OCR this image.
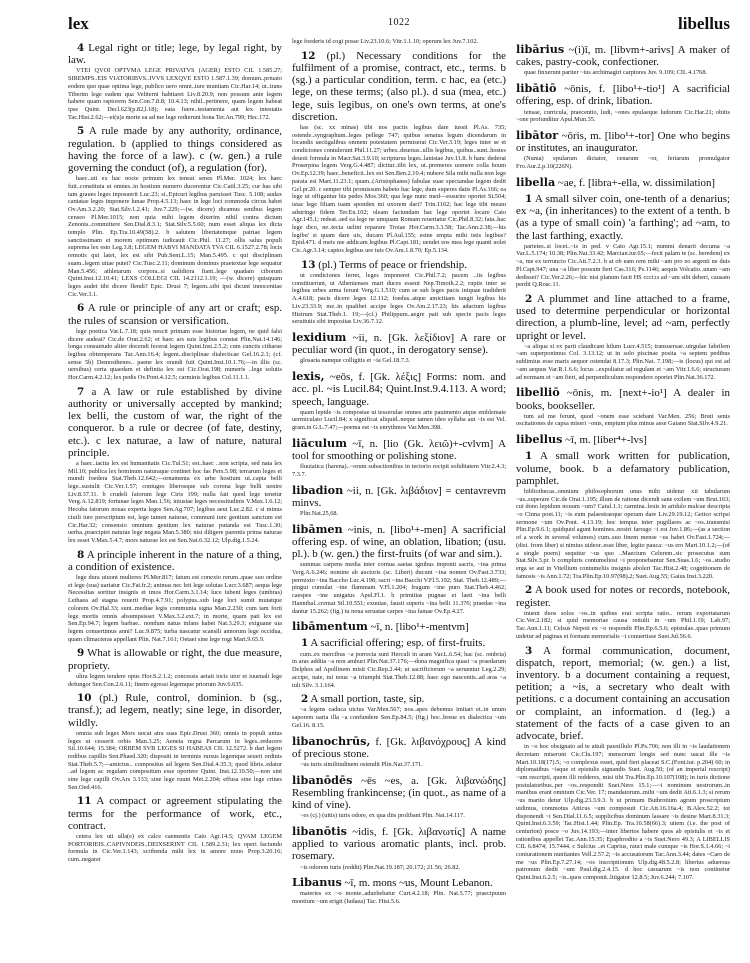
lex	1022	libellus

4 Legal right or title; lege, by legal right, by law.

VTEI QVOI OPTVMA LEGE PRIVATVS (AGER) ESTO CIL 1.585.27; SIREMPS..EIS VIATORIBVS..IVVS LEXQVE ESTO 1.587.1.39; domum..priuato eodem quo quae optima lege, publico uero omni..iure munitam Cic.Har.14; ut..trans Tiberim lege eadem qua Veliterni habitaret Liv.8.20.9; non possum ante legem habere quam raptorem Sen.Con.7.8.8; 10.4.13; nihil..pertinere, quam legem habeat ipse Quint. Decl.623(p.82,l.18); eata fuere..testamenta aut lex intestatis Tac.Hist.2.62;—ei(u)s morte ea ad me lege redierunt bona Ter.An.799; Hec.172.

5 A rule made by any authority, ordinance, regulation. b (applied to things considered as having the force of a law). c (w. gen.) a rule governing the conduct (of), a regulation (for).

haec..uti ex hac nocte primum lex teneat senes Pl.Mer. 1024; lex haec fuit..constituta ut omnes..in hostium numero ducerentur Cic.Catil.3.25; cur has sibi tam graues leges inposuerit Luc.23; si..Epicuri legibus paruisset Tusc. 5.108; audax cantatae leges imponere lunae Prop.4.5.13; haec in lege loci commoda circus habet Ov.Am.3.2.20; Stat.Silv.1.2.41; Juv.7.229;—(w. dicere) dicamus senibus legem censeo Pl.Mer.1015; non quia mihi legem dixerim nihil contra dictum Zenonis..committere Sen.Dial.8.3.1; Stat.Silv.5.5.60; num esset aliqua lex dicta templo Plin. Ep.Tra.10.49(58).2. b salutem libertatemque patriae legem sanctissimam et morem optimum iudicauit Cic.Phil. 11.27; ollis salus populi suprema lex esto Leg.3.8; LEGEM HABVI MANDATA TVA CIL 6.1527.2.78; locis remotis qui latet, lex est sibi Pub.Sent.L.15; Man.5.495. c qui disciplinam suam..legem uitae putet? Cic.Tusc.2.11; dominum dominus praetextae lege sequatur Man.5.456; athletarum corpora..si ualidiora fiant..lege quadam ciborum Quint.Inst.12.10.41; LEXS COLLEGI CIL 14.2112.1.19; —(w. dicere) quisquam leges audet tibi dicere flendi? Epic. Drusi 7; legem..sibi ipsi dicunt innocentiae Cic.Ver.3.1.

6 A rule or principle of any art or craft; esp. the rules of scansion or versification.

lege poetica Var.L.7.18; quis nescit primam esse historiae legem, ne quid falsi dicere audeat? Cic.de Orat.2.62; et haec ars suis legibus constat Plin.Nat.14.146; longa consuetudo aliter docendi fecerat legem Quint.Inst.2.5.2; cum cunctis citharae legibus obtemperans Tac.Ann.16.4; legem..disciplinae dialecticae Gel.16.2.1; (cf. sense 5b) Demosthenes.. paene lex orandi fuit Quint.Inst.10.1.76;—in illis (sc. uersibus) certa quaedam et definita lex est Cic.Orat.198; numeris ..lege solutis Hor.Carm.4.2.12; lex pedis Ov.Pont.4.12.5; carminis legibus Col.11.1.1.

7 a A law or rule established by divine authority or universally accepted by mankind; lex belli, the custom of war, the right of the conqueror. b a rule or decree (of fate, destiny, etc.). c lex naturae, a law of nature, natural principle.

a haec..tacita lex est humanitatis Cic.Tul.51; est..haec ..non scripta, sed nata lex Mil.10; publica lex hominum naturaque continet hoc fas Pers.5.98; terrarum leges et mundi foedera Stat.Theb.12.642;—ornamenta ex urbe hostium ui..capta belli lege..sustulit Cic.Ver.1.57; coniuges liberosque sub corona lege belli uenire Liv.8.37.11. b crudeli fatorum lege Ciris 199; nulla fati quod lege tenetur Verg.A.12.819; fortunae leges Man.1.56; iniustae leges necessitudinis V.Max.1.6.12; Hecuba fatorum nouas experta leges Sen.Ag.707; legibus aeui Luc.2.82. c si minus ciuili iure perscriptum est, lege tamen naturae, communi iure gentium sanctum est Cic.Har.32; consensio omnium gentium lex naturae putanda est Tusc.1.30; uerba..praecipiet naturae lege negata Man.5.380; nisi diligere parentis prima naturae lex esset V.Max.5.4.7; mors naturae lex est Sen.Nat.6.32.12; Ulp.dig.1.5.24.

8 A principle inherent in the nature of a thing, a condition of existence.

lege dura uiuont mulieres Pl.Mer.817; fatum est conexio rerum..quae suo ordine et lege (sua) uariatur Cic.Fat.fr.2; animas nec leti lege solutas Lucr.3.687; aequa lege Necessitas sortitur insignis et imos Hor.Carm.3.1.14; luce iubent leges (umbras) Lethaea ad stagna reuerti Prop.4.7.91; polypus..sub lege loci sumit mutatque colorem Ov.Hal.33; sunt..mediae legis communia signa Man.2.230; cum tam forti lege mortis omnis absumpsisset V.Max.3.2.ext.7; in morte, quam pati lex est Sen.Ep.94.7; legem barbae.. nondum natus infans habet Nat.3.29.3; exiguane uia legem conuertimus anni? Luc.9.875; turba nascatur scansili annorum lege occidua, quam climacteras appellant Plin. Nat.7.161; Oetaei sine lege rogi Mart.9.65.9.

9 What is allowable or right, the due measure, propriety.

ultra legem tendere opus Hor.S.2.1.2; concessis aetati iocis utor et iuuenali lege defungor Sen.Con.2.6.11; finem egressi legemque priorum Juv.6.635.

10 (pl.) Rule, control, dominion. b (sg., transf.); ad legem, neatly; sine lege, in disorder, wildly.

omnia sub leges Mors uocat atra suas Epic.Drusi 360; omnis in populi unius leges ut cesserit orbis Man.3.25; Aeneia regna Parcarum in leges..reducere Sil.10.644; 15.384; ORBEM SVB LEGES SI HABEAS CIL 12.5272. b dari legem redibus capillis Sen.Phaed.320; dispositi in terminis rursus legemque seueri ordinis Stat.Theb.5.7;—amictus.. compositus ad legem Sen.Dial.4.35.3; quod libris..edatur ..ad legem ac regulam compositum esse oportere Quint. Inst.12.10.50;—non sint sine lege capilli Ov.Ars 3.133; sine lege ruunt Met.2.204; effusa sine lege crines Sen.Oed.416.

11 A compact or agreement stipulating the terms for the performance of work, etc., contract.

cetera lex uti ulla(e) ex calce caementis Cato Agr.14.5; QVAM LEGEM PORTORIEIS..CAPIVNDEIS..DEIXSERINT CIL 1.589.2.31; lex operi faciundo formula in Cic.Ver.1.143; scribenda mihi lex in amore nouo Prop.3.20.16; cum..negaret

lege foederis id cogi posse Liv.23.10.6; Vitr.1.1.10; operum lex Juv.7.102.

12 (pl.) Necessary conditions for the fulfilment of a promise, contract, etc., terms. b (sg.) a particular condition, term. c hac, ea (etc.) lege, on these terms; (also pl.). d sua (mea, etc.) lege, suis legibus, on one's own terms, at one's discretion.

has (sc. xx minas) tibi nos pactis legibus dare iussit Pl.As. 735; ostende..syngraphum..leges pellege 747; quibus senatus legum dicendarum in locandis uectigalibus omnem potestatem permiserat Cic.Ver.3.19; leges inter se et condiciones contulerunt Phil.11.27; urbes..deuotas..ullis legibus, quibus..sunt..hostes deuoti formula in Macr.Sat.3.9.10; scripturus leges..lanistae Juv.11.8. b hanc dederat Proserpina legem Verg.G.4.487; dicitur..tibi lex, ut..premeres uomere colla boum Ov.Ep.12.39; haec..beneficii..lex est Sen.Ben.2.10.4; nubere Sila mihi nulla non lege parata est Mart.11.23.1; quam..(Aristophanes) fabulae suae spectandae legem dedit Gel.pr.20. c semper tibi promissum habeto hac lege, dum superes datis Pl.As.166; ea lege ut offigantur bis pedes Mos.360; qua lege nunc med—essurire oportet St.504; istac lege filiam tuam sponden mi uxorem dari? Trin.1162; hac lege tibi meam adstringo fidem Ter.Eu.102; oleam faciundam hac lege oportet locare Cato Agr.145.1; redeat..sed ea lege ne umquam Romam reuertatur Cic.Phil.8.32; fata..hac lege dico, ne..tecta uelint reparare Troiae Hor.Carm.3.3.58; Tac.Ann.2.38;—his legibu' si quam dare uis, ducam Pl.Aul.155; estne empta mihi istis legibus? Epid.471. d meis me addicam legibus Pl.Capt.181; uendet eos mea lege quanti uolet Cic.Agr.3.14; captos legibus ure tuis Ov.Am.1.8.70; Ep.5.134.

13 (pl.) Terms of peace or friendship.

ut condiciones ferret, leges imponeret Cic.Phil.7.2; pacem ..iis legibus constituerunt, ut Athenienses mari duces essent Nep.Timoth.2.2; ruptis inter se legibus urbes arma ferunt Verg.G.1.510; cum se sub leges pacis iniquae tradiderit A.4.618; pacis dicere leges 12.112; foedus..atque amicitiam iungit legibus his Liv.23.33.9; me..in qualibet accipe leges Ov.Am.2.17.23; his adactum legibus Histrum Stat.Theb.1. 19;—(cf.) Philippum..aegre pati sub specie pacis leges seruitutis sibi impositas Liv.36.7.12.

lexidium ~ii, n. [Gk. λεξίδιον] A rare or peculiar word (in quot., in derogatory sense).

glosaria namque colligitis et ~ia Gel.18.7.3.

lexis, ~eōs, f. [Gk. λέξις] Forms: nom. and acc. pl. ~is Lucil.84; Quint.Inst.9.4.113. A word; speech, language.

quam lepide ~is compostae ut tesserulae omnes arte pauimento atque emblemate uermiculato Lucil.84; x significat aliquid..neque tamen ideo syllaba aut ~is est Vel. gram.in G.L.7.47;—poema est ~is enrythmos Var.Men.398.

liāculum ~ī, n. [lio (Gk. λειῶ)+-cvlvm] A tool for smoothing or polishing stone.

fluuiatica (harena)..~orum subactionibus in tectorio recipit soliditatem Vitr.2.4.3; 7.3.7.

libadion ~ii, n. [Gk. λιβάδιον] = centavrevm minvs.

Plin.Nat.25,68.

libāmen ~inis, n. [libo¹+-men] A sacrificial offering esp. of wine, an oblation, libation; (usu. pl.). b (w. gen.) the first-fruits (of war and sim.).

summas carpens media inter cornua saetas ignibus imponit sacris, ~ina prima Verg.A.6.246; nomine ab auctoris (sc. Liberi) ducunt ~ina nomen Ov.Fast.3.733; permixto ~ina Baccho Luc.4.198; sacri ~ina Bacchi V.Fl.5.192; Stat. Theb.12.489;—pingui cumulat ~ine flammam V.Fl.1.204; frugum ~ine puro Stat.Theb.4.462; caespes ~ine unigatus Apul.Fl.1. b primitias pugnae et laeti ~ina belli Hannibal..cremat Sil.10.551; exuuiae, fausti superis ~ina belli 11.376; praedae ~ina dantur 15.262; (fig.) tu noua seruatae carpes ~ina famae Ov.Ep.4.27.

libāmentum ~ī, n. [libo¹+-mentvm]

1 A sacrificial offering; esp. of first-fruits.

cum..ex mercibus ~a porrecta sunt Herculi in aram Var.L.6.54; hac (sc. ombria) in aras addita ~a non amburi Plin.Nat.37.176;—dona magnifica quasi ~a praedarum Delphos ad Apollinem misit Cic.Rep.2.44; ut sacrificiorum ~a seruentur Leg.2.29; accipe, nate, tui noua ~a triumphi Stat.Theb.12.88; haec ego nascentis..ad aras ~a tuli Silv. 3.1.164.

2 A small portion, taste, sip.

~a legens caduca uictus Var.Men.567; nos..apes debemus imitari et..in unum saporem uaria illa ~a confundere Sen.Ep.84.5; (fig.) hoc..breue ex dialectica ~um Gel.16. 8.15.

libanochrūs, f. [Gk. λιβανόχρους] A kind of precious stone.

~us turis similitudinem ostendit Plin.Nat.37.171.

libanōdēs ~ēs ~es, a. [Gk. λιβανώδης] Resembling frankincense; (in quot., as name of a kind of vine).

~es (cj.) (uitis) turis odore, ex qua diis prolibant Plin. Nat.14.117.

libanōtis ~idis, f. [Gk. λιβανωτίς] A name applied to various aromatic plants, incl. prob. rosemary.

~is odorem turis (reddit) Plin.Nat.19.187; 20.172; 21.56; 26.82.

Libanus ~ī, m. mons ~us, Mount Lebanon.

materies ex ~o monte..aduehebatur Curt.4.2.18; Plin. Nat.5.77; praecipuum montium ~um erigit (Iudaea) Tac. Hist.5.6.

libārius ~(i)ī, m. [libvm+-arivs] A maker of cakes, pastry-cook, confectioner.

quae finxerunt pariter ~ius archimagiri carptores Juv. 9.109; CIL 4.1768.

libātiō ~ōnis, f. [libo¹+-tio¹] A sacrificial offering, esp. of drink, libation.

tensae, curricula, praecentio, ludi, ~ones epulaeque ludorum Cic.Har.21; obitis ~one profunditur Apul.Mun.35.

libātor ~ōris, m. [libo¹+-tor] One who begins or institutes, an inaugurator.

(Numa) epularum dictator, cenarum ~or, feriarum promulgator Fro.Aur.2.p.10(226N).

libella ~ae, f. [libra+-ella, w. dissimilation]

1 A small silver coin, one-tenth of a denarius; ex ~a, (in inheritances) to the extent of a tenth. b (as a type of small coin) 'a farthing'; ad ~am, to the last farthing, exactly.

parietes..si locet..~is in ped. v Cato Agr.15.1; nummi denarii decuma ~a Var.L.5.174; 10.38; Plin.Nat.33.42; Marcian.iur.65;—fecit palam te (sc. heredem) ex ~a, me ex terruncio Cic.Att.7.2.3. b at ob eam rem mihi ~am pro eo argenti ne duis Pl.Capt.947; una ~a liber possum fieri Cas.316; Ps.1146; aequis Volcatio..unam ~am dedisset? Cic.Ver.2.26;—hic nisi planum facit HS ccciↄↄ ad ~am sibi deberi, causam perdit Q.Rosc.11.

2 A plummet and line attached to a frame, used to determine perpendicular or horizontal direction, a plumb-line, level; ad ~am, perfectly upright or level.

~a aliqua si ex parti claudicant hilum Lucr.4.515; transuersae..uirgulae fabrilem ~am superponimus Col. 3.13.12; ut in solo piscinae posita ~a septem pedibus sublimius esse maris aequor ostendat 8.17.3; Plin.Nat. 7.198;—is (locus) qui est ad ~am aequus Var.R.1.6.6; locus ..expoliatur ad regulam et ~am Vitr.1.6.6; structuram ad normam et ~am fieri, ad perpendiculum respondere oportet Plin.Nat.36.172.

libelliō ~ōnis, m. [next+-io¹] A dealer in books, bookseller.

tum ad me ferunt, quod ~onem esse sciebant Var.Men. 256; Bruti senis oscitationes de capsa miseri ~onis, emptum plus minus asse Gaiano Stat.Silv.4.9.21.

libellus ~ī, m. [liber⁴+-lvs]

1 A small work written for publication, volume, book. b a defamatory publication, pamphlet.

bibliothecas..omnium philosophorum unus mihi uidetur xii tabularum ~us..superare Cic.de Orat.1.195; illum de ratione dicendi sane exilem ~um Brut.163; cui dono lepidum nouum ~um? Catul.1.1; carmina..leuis in aridulo malcae descripta ~o Cinna poet.11; ~is eum palaestraeque operam dare Liv.29.19.12; Getico scripsi sermone ~um Ov.Pont. 4.13.19; hoc tempus inter pugillares ac ~os..transmisi Plin.Ep.9.6.1; quidquid agunt homines..nostri farrago ~i est Juv.1.86;—(as a section of a work in several volumes) cum..suo finem mense ~us habet Ov.Fast.1.724;—(dist. from liber) si nimius uideor..esse liber, legito pauca: ~us ero Mart.10.1.2;—(of a single poem) sequitur ~us quo ..Maecium Celerem..sic prosecutus sum Stat.Silv.3.pr. b compluris contumeliosi ~i proponebantur Sen.Suas.1.6; ~os..studio erga se aut in Vitellium contumeliis insignis aboleri Tac.Hist.2.48; cognitionem de famosis ~is Ann.1.72; Tra.Plin.Ep.10.97(98).2; Suet.Aug.55; Gaius Inst.3.220.

2 A book used for notes or records, notebook, register.

inueni duos solos ~os..in quibus erat scripta ratio.. rerum exportatarum Cic.Ver.2.182; si quid memoriae causa rettulit in ~um Phil.1.19; Lab.97; Tac.Ann.1.11; Celsus Nepoti ex ~o respondit Plin.Ep.6.5.6; epistulae..quas primum uidetur ad paginas et formam memorialis ~i conuertisse Suet.Jul.56.6.

3 A formal communication, document, dispatch, report, memorial; (w. gen.) a list, inventory. b a document containing a request, petition; a ~is, a secretary who dealt with petitions. c a document containing an accusation or complaint, an information. d (leg.) a statement of the facts of a case given to an advocate, brief.

in ~o hoc obsignato ad te attuli pauxillulo Pl.Ps.706; non illi in ~is laudationem decretam miserunt Cic.Clu.197; mensorum longis sed nunc uacat ille ~is Mart.10.18(17).5; ~o complexus esset, quid fieri placeat S.C.(Font.iur. p.204) 60; in diplomatibus ~isque et epistulis signandis Suet. Aug.50; (of an imperial rescript) ~um rescripti, quem illi redderes, misi tibi Tra.Plin.Ep.10.107(108); in iuris dictione postulatoribus..per ~os..respondit Suet.Nero 15.1;—~i nominum uestrorum..in manibus erant omnium Cic.Ver. 17; mandatorum..mihi ~um dedit Att.6.1.3; si rerum ~us marito detur Ulp.dig.23.3.9.3. b ut primum Buthrotium agrum proscriptum uidimus, commotus Atticus ~um composuit Cic.Att.16.16a.4; B.Alex.52.2; tot disponendi ~i Sen.Dial.11.6.5; supplicibus dominum lassare ~is desine Mart.8.31.3; Quint.Inst.6.3.59; Tac.Hist.1.44; Plin.Ep. Tra.10.58(66).3; uitem (i.e. the post of centurion) posce ~o Juv.14.193;—inter libertos habere quos ab epistulis et ~is et rationibus appellet Tac.Ann.15.35; Epaphrodito a ~is Suet.Nero 49.3; A LIBELLIS CIL 6.8474; 15.7444. c Sulcius ..et Caprius, rauci male cumque ~is Hor.S.1.4.66; ~i coniurationem nuntiantes Vell.2.57.2; ~is accusatorum Tac.Ann.3.44; dates ~Caro de me ~us Plin.Ep.7.27.14; ~os inscriptionum Ulp.dig.48.5.2.8; libertus aduersus patronum dedit ~um Paul.dig.2.4.15. d hoc casuarum ~is non continetur Quint.Inst.6.2.5; ~is..quos componit..litigator 12.8.5; Juv.6.244; 7.107.
